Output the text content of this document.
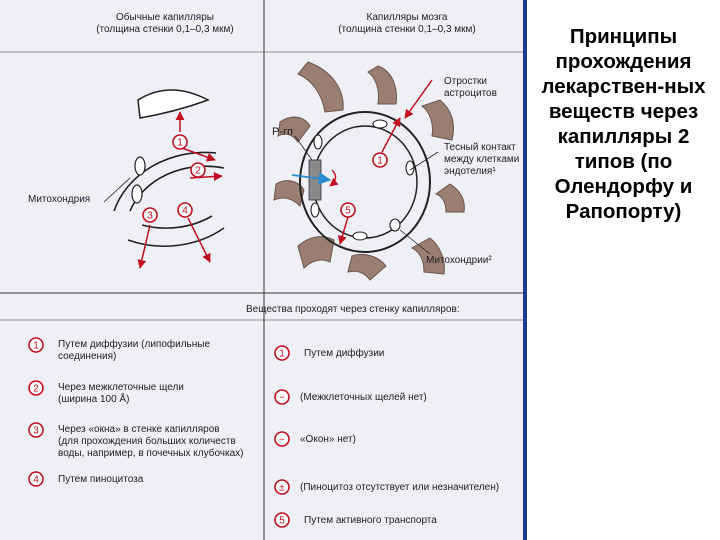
1
2
3	4
1
5
1
2
3
4
1
−
−
±
5
Обычные капилляры
(толщина стенки 0,1–0,3 мкм)
Капилляры мозга
(толщина стенки 0,1–0,3 мкм)
Митохондрия
P-гп
Отростки
астроцитов
Тесный контакт
между клетками
эндотелия¹
Митохондрии²
Вещества проходят через стенку капилляров:
Путем диффузии (липофильные
соединения)
Через межклеточные щели
(ширина 100 Å)
Через «окна» в стенке капилляров
(для прохождения больших количеств
воды, например, в почечных клубочках)
Путем пиноцитоза
Путем диффузии
(Межклеточных щелей нет)
«Окон» нет)
(Пиноцитоз отсутствует или незначителен)
Путем активного транспорта
Принципы прохождения лекарствен-ных веществ через капилляры 2 типов (по Олендорфу и Рапопорту)
